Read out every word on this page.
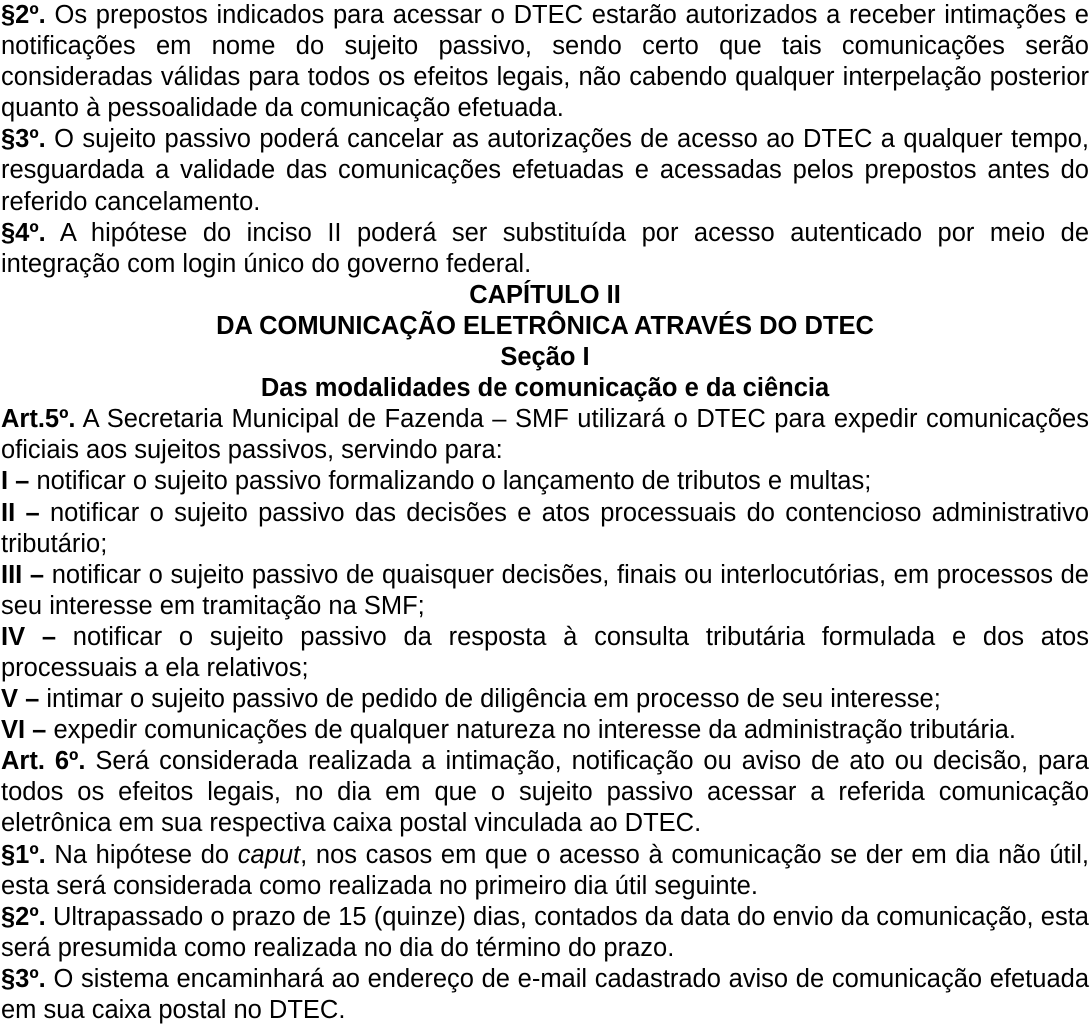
§2º. Os prepostos indicados para acessar o DTEC estarão autorizados a receber intimações e notificações em nome do sujeito passivo, sendo certo que tais comunicações serão consideradas válidas para todos os efeitos legais, não cabendo qualquer interpelação posterior quanto à pessoalidade da comunicação efetuada.

§3º. O sujeito passivo poderá cancelar as autorizações de acesso ao DTEC a qualquer tempo, resguardada a validade das comunicações efetuadas e acessadas pelos prepostos antes do referido cancelamento.

§4º. A hipótese do inciso II poderá ser substituída por acesso autenticado por meio de integração com login único do governo federal.

CAPÍTULO II

DA COMUNICAÇÃO ELETRÔNICA ATRAVÉS DO DTEC

Seção I

Das modalidades de comunicação e da ciência

Art.5º. A Secretaria Municipal de Fazenda – SMF utilizará o DTEC para expedir comunicações oficiais aos sujeitos passivos, servindo para:

I – notificar o sujeito passivo formalizando o lançamento de tributos e multas;

II – notificar o sujeito passivo das decisões e atos processuais do contencioso administrativo tributário;

III – notificar o sujeito passivo de quaisquer decisões, finais ou interlocutórias, em processos de seu interesse em tramitação na SMF;

IV – notificar o sujeito passivo da resposta à consulta tributária formulada e dos atos processuais a ela relativos;

V – intimar o sujeito passivo de pedido de diligência em processo de seu interesse;

VI – expedir comunicações de qualquer natureza no interesse da administração tributária.

Art. 6º. Será considerada realizada a intimação, notificação ou aviso de ato ou decisão, para todos os efeitos legais, no dia em que o sujeito passivo acessar a referida comunicação eletrônica em sua respectiva caixa postal vinculada ao DTEC.

§1º. Na hipótese do caput, nos casos em que o acesso à comunicação se der em dia não útil, esta será considerada como realizada no primeiro dia útil seguinte.

§2º. Ultrapassado o prazo de 15 (quinze) dias, contados da data do envio da comunicação, esta será presumida como realizada no dia do término do prazo.

§3º. O sistema encaminhará ao endereço de e-mail cadastrado aviso de comunicação efetuada em sua caixa postal no DTEC.
